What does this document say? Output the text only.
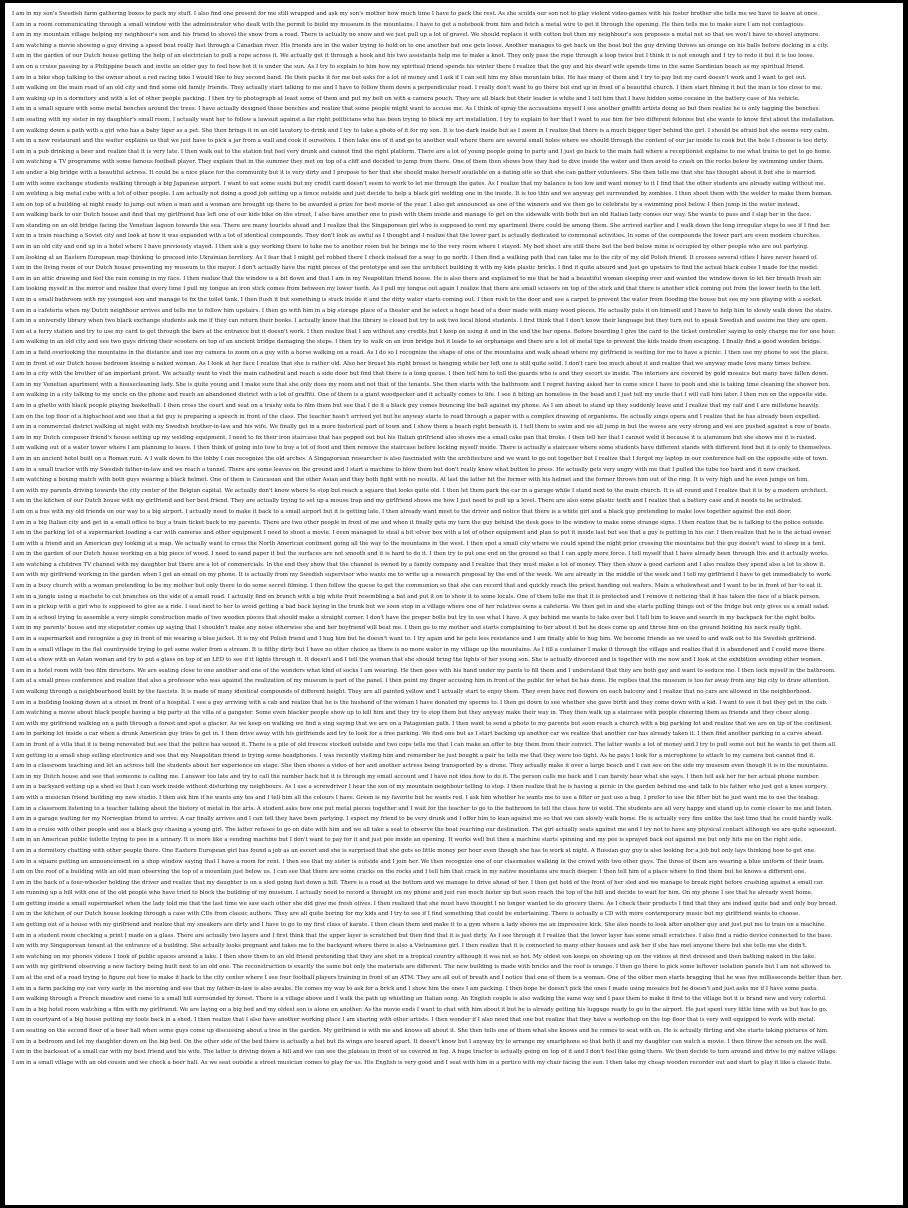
I am in my son's Swedish farm gathering boxes to pack my stuff. I also find one present for me still wrapped and ask my son's mother how much time I have to pack the rest. As she scolds our son not to play violent video-games with his foster brother she tells me we have to leave at once.
I am in a room communicating through a small window with the administrator who dealt with the permit to build my museum in the mountains. I have to get a notebook from him and fetch a metal wire to get it through the opening. He then tells me to make sure I am not contagious.
I am in my mountain village helping my neighbour's son and his friend to shovel the snow from a road. There is actually no snow and we just pull up a lot of gravel. We should replace it with cotton but then my neighbour's son proposes a metal net so that we won't have to shovel anymore.
I am watching a movie showing a guy driving a speed boat really fast through a Canadian river. His friends are in the water trying to hold on to one another but one gets loose. Another manages to get back on the boat but the guy driving throws an orange on his balls before docking in a city.
I am in the garden of our Dutch house getting the help of an electrician to pull a rope across it. We actually get it through a hook and his two assistants help me to make a knot. They only pass the rope through a loop twice but I think it is not enough and I try to redo it but it is too loose.
I am on a cruise passing by a Philippine beach and invite an older guy to feel how hot it is under the sun. As I try to explain to him how my spiritual friend spends his winter there I realize that the guy and his dwarf wife spends time in the same Sardinian beach as my spiritual friend.
I am in a bike shop talking to the owner about a red racing bike I would like to buy second hand. He then packs it for me but asks for a lot of money and I ask if I can sell him my blue mountain bike. He has many of them and I try to pay but my card doesn't work and I want to get out.
I am walking on the main road of an old city and find some old family friends. They actually start talking to me and I have to follow them down a perpendicular road. I really don't want to go there but end up in front of a beautiful church. I then start filming it but the man is too close to me.
I am waking up in a dormitory and with a lot of other people packing. I then try to photograph at least some of them and put my belt on with a camera pouch. They are all black but their leader is white and I tell him that I have hidden some cocaine in the battery case of his vehicle.
I am in a small square with some metal benches around the trees. I have actually designed these benches and realize that some people might want to accuse me. As I think of spray the accusations myself I see another graffiti artists doing so but then realize he is only tagging the benches.
I am seating with my sister in my daughter's small room. I actually want her to follow a lawsuit against a far right politicians who has been trying to block my art installation. I try to explain to her that I want to sue him for two different felonies but she wants to know first about the installation.
I am walking down a path with a girl who has a baby tiger as a pet. She then brings it in an old lavatory to drink and I try to take a photo of it for my son. It is too dark inside but as I zoom in I realize that there is a much bigger tiger behind the girl. I should be afraid but she seems very calm.
I am in a new restaurant and the waiter explains us that we just have to pick a jar from a wall and cook it ourselves. I then take one of it and go to another wall where there are several small holes where we should through the content of our jar inside to cook but the hole I choose is too dirty.
I am in a pub drinking a beer and realize that it is very late. I then walk out to the station but feel very drunk and cannot find the right platform. There are a lot of young people going to party and I just go back to the main hall where a receptionist explains to me what trains to get to go home.
I am watching a TV programme with some famous football player. They explain that in the summer they met on top of a cliff and decided to jump from there. One of them then shows how they had to dive inside the water and then avoid to crash on the rocks below by swimming under them.
I am under a big bridge with a beautiful actress. It could be a nice place for the community but it is very dirty and I propose to her that she should make herself available on a dating site so that she can gather volunteers. She then tells me that she has thought about it but she is married.
I am with some exchange students walking through a big Japanese airport. I want to eat some sushi but my credit card doesn't seem to work to let me through the gates. As I realize that my balance is too low and want money to it I find that the other students are already eating without me.
I am welding a big metal cube with a lot of other people. I am actually not doing a good job setting up a fence outside and just decide to help a black girl welding one in the inside. It is too thin and we anyway get surrounded by zombies. I then shoot them with the welder to make them human.
I am on top of a building at night ready to jump out when a man and a woman are brought up there to be awarded a prize for best movie of the year. I also get announced as one of the winners and we then go to celebrate by a swimming pool below. I then jump in the water instead.
I am walking back to our Dutch house and find that my girlfriend has left one of our kids bike on the street, I also have another one to push with them inside and manage to get on the sidewalk with both but an old Italian lady comes our way. She wants to pass and I slap her in the face.
I am standing on an old bridge facing the Venetian lagoon towards the sea. There are many tourists ahead and I realize that the Singaporean girl who is supposed to rent my apartment there could be among them. She arrived earlier and I walk down the long irregular steps to see if I find her.
I am in a train reaching a Soviet city and look at how it was expanded with a lot of identical compounds. They don't look as awful as I thought and I realize that the lower part is actually dedicated to communal activities. In some of the compounds the lower part are even modern churches.
I am in an old city and end up in a hotel where I have previously stayed. I then ask a guy working there to take me to another room but he brings me to the very room where I stayed. My bed sheet are still there but the bed below mine is occupied by other people who are out partying.
I am looking at an Eastern European map thinking to proceed into Ukrainian territory. As I fear that I might get robbed there I check instead for a way to go north. I then find a walking path that can take me to the city of my old Polish friend. It crosses several cities I have never heard of.
I am in the living room of our Dutch house presenting my museum to the mayor. I don't actually have the right pieces of the prototype and see the architect building it with my kids plastic bricks. I find it quite absurd and just go upstairs to find the actual black cubes I made for the model.
I am in an attic drawing and feel the rain coming in my face. I then realize that the window is a bit down and that I am in my Neapolitan friend house. He is also there and explained to me that he had a beautiful woman sleeping over and wanted the window down to let her breath fresh air.
I am looking myself in the mirror and realize that every time I pull my tongue an iron stick comes from between my lower teeth. As I pull my tongue out again I realize that there are small scissors on top of the stick and that there is another stick coming out from the lower teeth to the left.
I am in a small bathroom with my youngest son and manage to fix the toilet tank. I then flush it but something is stuck inside it and the dirty water starts coming out. I then rush to the door and use a carpet to prevent the water from flooding the house but see my son playing with a socket.
I am in a cafeteria when my Dutch neighbour arrives and tells me to follow him upstairs. I then go with him in a big storage place of a theater and he select a huge head of a deer made with many wood pieces. He actually puts it on himself and I have to help him to slowly walk down the stairs.
I am in a university library when two black exchange students ask me if they can return their books. I actually know that the library is closed but try to ask two local blond students. I first think that I don't know their language but they turn out to speak Swedish and assure me they are open.
I am at a ferry station and try to use my card to get through the bars at the entrance but it doesn't work. I then realize that I am without any credits but I keep on using it and in the end the bar opens. Before boarding I give the card to the ticket controller saying to only charge me for one hour.
I am walking in an old city and see two guys driving their scooters on top of an ancient bridge damaging the steps. I then try to walk on an iron bridge but it leads to an orphanage and there are a lot of metal tips to prevent the kids inside from escaping. I finally find a good wooden bridge.
I am in a field overlooking the mountains in the distance and use my camera to zoom on a guy with a horse walking on a road. As I do so I recognize the shape of one of the mountains and walk ahead where my girlfriend is waiting for me to have a picnic. I then use my phone to see the place.
I am in front of our Dutch house bedroom kissing a naked woman. As I look at her face I realize that she is rather old. Also her breast his right breast is hanging while her left one is still quite solid. I don't care too much about it and realize that we anyway made love many times before.
I am in a city with the brother of an important priest. We actually want to visit the main cathedral and reach a side door but find that there is a long queue. I then tell him to tell the guards who is and they escort us inside. The interiors are covered by gold mosaics but many have fallen down.
I am in my Venetian apartment with a housecleaning lady. She is quite young and I make sure that she only does my room and not that of the tenants. She then starts with the bathroom and I regret having asked her to come since I have to pooh and she is taking time cleaning the shower box.
I am walking in a city talking to my uncle on the phone and reach an abandoned district with a lot of graffiti. One of them is a giant woodpecker and it actually comes to life. I see it biting an homeless in the head and I just tell my uncle that I will call him later. I then run on the opposite side.
I am in a ghetto with black people playing basketball. I then cross the court and seat on a trashy sofa to film them but see that I do it a black guy comes bouncing the ball against my phone. As I am about to stand up they suddenly leave and I realize that my calf and I are millstone heavily.
I am on the top floor of a highschool and see that a fat guy is preparing a speech in front of the class. The teacher hasn't arrived yet but he anyway starts to read through a paper with a complex drawing of organisms. He actually sings opera and I realize that he has already been expelled.
I am in a commercial district walking at night with my Swedish brother-in-law and his wife. We finally get in a more historical part of town and I show them a beach right beneath it. I tell them to swim and we all jump in but the waves are very strong and we are pushed against a row of boats.
I am in my Dutch composer friend's house setting up my welding equipment. I need to fix their iron staircase that has popped out but his Italian girlfriend also shows me a small cake pan that broke. I then tell her that I cannot weld it because it is aluminum but she shows me it is rusted.
I am walking out of a water tower where I am planning to leave. I then think of going into tow to buy a lot of food and then remove the staircase before locking myself inside. There is actually a staircase where some students have different stands with different food but it is only to themselves.
I am in an ancient hotel built on a Roman ruin. A I walk down to the lobby I can recognize the old arches. A Singaporean researcher is also fascinated with the architecture and we want to go out together but I realize that I forgot my laptop in our conference hall on the opposite side of town.
I am in a small tractor with my Swedish father-in-law and we reach a tunnel. There are some leaves on the ground and I start a machine to blow them but don't really know what button to press. He actually gets very angry with me that I pulled the tube too hard and it now cracked.
I am watching a boxing match with both guys wearing a black helmet. One of them is Caucasian and the other Asian and they both fight with no results. At last the latter hit the former with his helmet and the former throws him out of the ring. It is very high and he even jumps on him.
I am with my parents driving towards the city center of the Belgian capital. We actually don't know where to stop but reach a square that looks quite old. I then let them park the car in a garage while I stand next to the main church. It is all round and I realize that it is by a modern architect.
I am in the kitchen of our Dutch house with my girlfriend and her best friend. They are actually trying to set up a mouse trap and my girlfriend shows me how I just need to pull up a level. There are also some plastic teeth and I realize that a battery case and it needs to be activated.
I am on a bus with my old friends on our way to a big airport. I actually need to make it back to a small airport but it is getting late. I then already want meet to the driver and notice that there is a white girl and a black guy pretending to make love together against the exit door.
I am in a big Italian city and get in a small office to buy a train ticket back to my parents. There are two other people in front of me and when it finally gets my turn the guy behind the desk goes to the window to make some strange signs. I then realize that he is talking to the police outside.
I am in the parking lot of a supermarket loading a car with cameras and other equipment I need to shoot a movie. I even managed to steal a bit silver box with a lot of other equipment and plan to put it inside last but see that a guy is putting in his car. I then realize that he is the actual owner.
I am with a friend and an American guy looking at a map. We actually want to cross the North American continent going all the way to the mountains in the west. I then spot a small city where we could spend the night prior crossing the mountains but the guy doesn't want to sleep in a tent.
I am in the garden of our Dutch house working on a big piece of wood. I need to sand paper it but the surfaces are not smooth and it is hard to do it. I then try to put one end on the ground so that I can apply more force. I tell myself that I have already been through this and it actually works.
I am watching a children TV channel with my daughter but there are a lot of commercials. In the end they show that the channel is owned by a family company and I realize that they must make a lot of money. They then show a good cartoon and I also realize they spend also a lot to show it.
I am with my girlfriend working in the garden when I get an email on my phone. It is actually from my Swedish supervisor who wants me to write up a research proposal by the end of the week. We are already in the middle of the week and I tell my girlfriend I have to get immediately to work.
I am in a busy church with a woman pretending to be my mother but only there to do some secret filming. I then follow the queue to get the communion so that she can record that and quickly reach the priest handing out wafers. Main a wholewheat and I want to be in front of her to eat it.
I am in a jungle using a machete to cut branches on the side of a small road. I actually find on branch with a big white fruit resembling a bat and put it on to show it to some locals. One of them tells me that it is protected and I remove it noticing that it has taken the face of a black person.
I am in a pickup with a girl who is supposed to give as a ride. I seat next to her to avoid getting a bad back laying in the trunk but we soon stop in a village where one of her relatives owns a cafeteria. We then get in and she starts pulling things out of the fridge but only gives us a small salad.
I am in a school trying to assemble a very simple construction made of two wooden pieces that should make a straight corner. I don't have the proper bolts but try to use what I have. A guy behind me wants to take over but I tell him to leave and search in my backpack for the right bolts.
I am in my parents' house and my stepsister comes up saying that I shouldn't make any noise otherwise she and her boyfriend will beat me. I then go to my mother and starts complaining to her about it but he does come up and throw him on the ground holding his neck really tight.
I am in a supermarket and recognize a guy in front of me wearing a blue jacket. It is my old Polish friend and I hug him but he doesn't want to. I try again and he gets less resistance and I am finally able to hug him. We become friends as we used to and walk out to his Swedish girlfriend.
I am in a small village in the flat countryside trying to get some water from a stream. It is filthy dirty but I have no other choice as there is no more water in my village up the mountains. As I fill a container I make it through the village and realize that it is abandoned and I could move there.
I am at a show with an Asian woman and try to put a glass on top of an LED to see if it lights through it. It doesn't and I tell the woman that she should bring the lights of her young son. She is actually divorced and is together with me now and I look at the exhibition avoiding other women.
I am in a hotel room with two film directors. We are seating close to one another and one of the wonders what kind of socks I am wearing. He then goes with his hand under my pants to fill them and I understand that they are both gay and want to seduce me. I then lock myself in the bathroom.
I am at a small press conference and realize that also a professor who was against the realization of my museum is part of the panel. I then point my finger accusing him in front of the public for what he has done. He replies that the museum is too far away from any big city to draw attention.
I am walking through a neighbourhood built by the fascists. It is made of many identical compounds of different height. They are all painted yellow and I actually start to enjoy them. They even have red flowers on each balcony and I realize that no cars are allowed in the neighborhood.
I am in a building looking down at a street in front of a hospital. I see a guy arriving with a cab and realize that he is the husband of the woman I have donated my sperms to. I then go down to see whether she gave birth and they come down with a kid. I want to see it but they get in the cab.
I am watching a movie about black people having a big party at the villa of a gangster. Some even blacker people show up to kill him and they try to stop them but they anyway make their way in. They then walk up a staircase with people cheering them as friends and they cheer along.
I am with my girlfriend walking on a path through a forest and spot a glacier. As we keep on walking we find a sing saying that we are on a Patagonian path. I then want to send a photo to my parents but soon reach a church with a big parking lot and realize that we are on tip of the continent.
I am in parking lot inside a car when a drunk American guy tries to get in. I then drive away with his girlfriends and try to look for a free parking. We find one but as I start backing up another car we realize that another car has already taken it. I then find another parking in a curve ahead.
I am in front of a villa that it is being renovated but see that the police has seized it. There is a pile of old frescos stocked outside and two cops tells me that I can make an offer to buy them from their convict. The latter wants a lot of money and I try to pull some out but he wants to get them all.
I am getting in a small shop selling electronics and see that my Neapolitan friend is trying some headphones. I was recently visiting him and remember he just bought a pair he tells me that they were too tight. As he pays I look for a microphone to attach to my camera but cannot find it.
I am in a classroom teaching and let an actress tell the students about her experience on stage. She then shows a video of her and another actress being transported by a drone. They actually make it over a large beach and I can see on the side my museum even though it is in the mountains.
I am in my Dutch house and see that someone is calling me. I answer too late and try to call the number back but it is through my email account and I have not idea how to do it. The person calls me back and I can barely hear what she says. I then tell ask her for her actual phone number.
I am in a backyard setting up a shed so that I can work inside without disturbing my neighbours. As I use a screwdriver I hear the son of my mountain neighbour telling to stop. I then realize that he is having a picnic in the garden behind me and talk to his father who just got a knee surgery.
I am with a musician friend building my new studio. I then ask him if he wants any tea and I tell him all the colours I have. Green is my favorite but he wants red. I ask him whether he wants me to use a filter or just use a bag. I prefer to use the filter but he just want me to use the teabag.
I am in a classroom listening to a teacher talking about the history of metal in the arts. A student asks how one put metal pieces together and I wait for the teacher to go to the bathroom to tell the class how to weld. The students are all very happy and stand up to come closer to me and listen.
I am in a garage waiting for my Norwegian friend to arrive. A car finally arrives and I can tell they have been partying. I expect my friend to be very drunk and I offer him to lean against me so that we can slowly walk home. He is actually very fine unlike the last time that he could hardly walk.
I am in a cruise with other people and see a black guy chasing a young girl. The latter refuses to go on date with him and we all take a seat to observe the boat reaching our destination. The girl actually seats against me and I try not to have any physical contact although we are quite squeezed.
I am in an American public toilette trying to pee in a urinary. It is more like a vending machine but I don't want to pay for it and just pee inside an opening. It works well but then a machine starts spinning and my pee is sprayed back out against me but only hits me on the right side.
I am in a dormitory chatting with other people there. One Eastern European girl has found a job as an escort and she is surprised that she gets so little money per hour even though she has to work at night. A Russian guy guy is also looking for a job but only lays thinking how to get one.
I am in a square putting an announcement on a shop window saying that I have a room for rent. I then see that my sister is outside and I join her. We then recognize one of our classmates walking in the crowd with two other guys. The three of them are wearing a blue uniform of their team.
I am on the roof of a building with an old man observing the top of a mountain just below us. I can see that there are some cracks on the rocks and I tell him that crack in my native mountains are much deeper. I then tell him of a place where to find them but he knows a different one.
I am in the back of a four-wheeler holding the driver and realize that my daughter is on a sled going fast down a hill. There is a road at the bottom and we manage to drive ahead of her. I then get hold of the front of her sled and we manage to break right before crashing against a small car.
I am running up a hill with one of the old people who have tried to block the building of my museum. I actually need to record a thought on my phone and just run much faster up but soon reach the top of the hill and decide to wait for him. On my phone I see that he already went home.
I am getting inside a small supermarket when the lady told me that the last time we saw each other she did give me fresh olives. I then realized that she must have thought I no longer wanted to do grocery there. As I check their products I find that they are indeed quite bad and only buy bread.
I am in the kitchen of our Dutch house looking through a case with CDs from classic authors. They are all quite boring for my kids and I try to see if I find something that could be entertaining. There is actually a CD with more contemporary music but my girlfriend wants to choose.
I am getting out of a house with my girlfriend and realize that my sneakers are dirty and I have to go to my first class of karate. I then clean them and make it to a gym where a lady shows me an impressive kick. She also needs to look after another guy and just put me to train on a machine.
I am in a student room checking a print I made on a glass. There are actually two layers and I first think that the upper layer is scratched but then find that it is just dirty. As I see through it I realize that the lower layer has some small scratches. I also find a radio device connected to the base.
I am with my Singaporean tenant at the entrance of a building. She actually looks pregnant and takes me to the backyard where there is also a Vietnamese girl. I then realize that it is connected to many other houses and ask her if she has met anyone there but she tells me she didn't.
I am watching on my phones videos I took of public spaces around a lake. I then show them to an old friend pretending that they are shot in a tropical country although it was not so hot. My oldest son keeps on showing up on the videos at first dressed and then bathing naked in the lake.
I am with my girlfriend observing a new factory being built next to an old one. The reconstruction is exactly the same but only the materials are different. The new building is made with bricks and the roof is orange. I then go there to pick some leftover isolation panels but I am not allowed to.
I am at the end of a road trying to figure out how to make it back to the city center where I see four football players training in front of an ATM. They are all out of breath and I notice that one of them is a woman. One of the other men starts bragging that he was five millisseconds better than her.
I am in a farm packing my car very early in the morning and see that my father-in-law is also awake. He comes my way to ask for a brick and I show him the ones I am packing. I then hope he doesn't pick the ones I made using mosaics but he doesn't and just asks me if I have some pasta.
I am walking through a French meadow and come to a small hill surrounded by forest. There is a village above and I walk the path up whistling an Italian song. An English couple is also walking the same way and I pass them to make it first to the village but it is brand new and very colorful.
I am in a big hotel room watching a film with my girlfriend. We are laying on a big bed and my oldest son is alone on another. As the movie ends I want to chat with him about it but he is already getting his luggage ready to go to the airport. He just spent very little time with us but has to go.
I am in courtyard of a big house putting my tools back in a shed. I then realize that I also have another working place I am sharing with other artists. I then wonder if I also need that one but realize that they have a workshop on the top floor that is very well equipped to work with metal.
I am seating on the second floor of a beer hall when some guys come up discussing about a tree in the garden. My girlfriend is with me and knows all about it. She then tells one of them what she knows and he comes to seat with us. He is actually flirting and she starts taking pictures of him.
I am in a bedroom and let my daughter down on the big bed. On the other side of the bed there is actually a bat but its wings are teared apart. It doesn't know but I anyway try to arrange my smartphone so that both it and my daughter can watch a movie. I then throw the screen on the wall.
I am in the backseat of a small car with my best friend and his wife. The latter is driving down a hill and we can see the plateau in front of us covered in fog. A huge tractor is actually going on top of it and I don't feel like going there. We then decide to turn around and drive to my native village.
I am in a small village with an old cousin and we check a beer hall. As we seat outside a street musician comes to play for us. His English is very good and I seat with him in a portico with my chair facing the sun. I then take my cheap wooden recorder out and start to play it like a classic flute.
